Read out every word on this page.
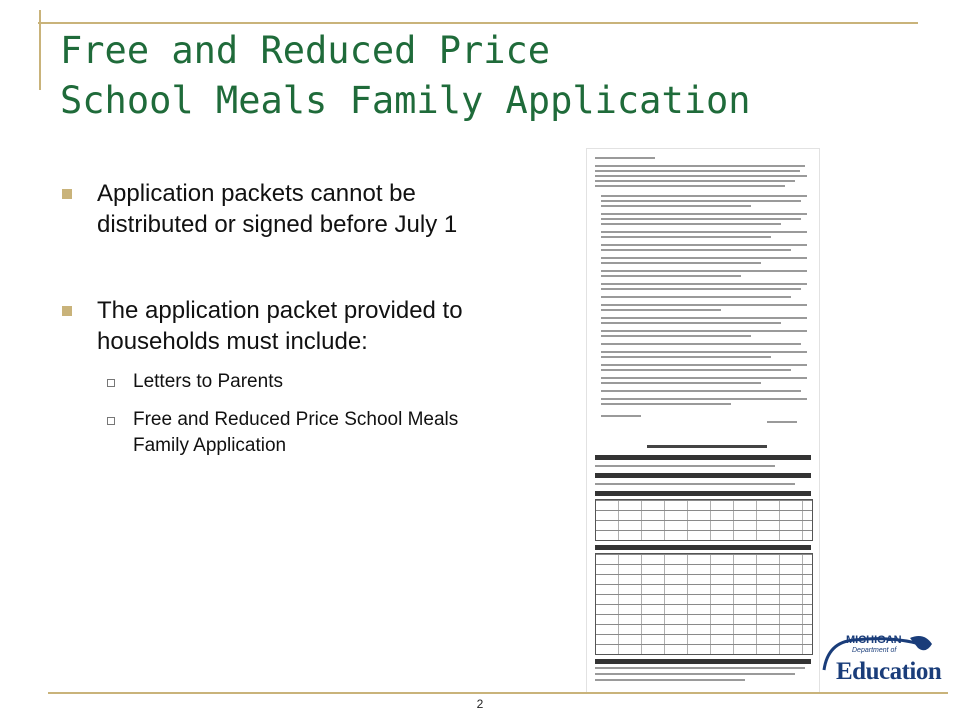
Free and Reduced Price
School Meals Family Application
Application packets cannot be distributed or signed before July 1
The application packet provided to households must include:
Letters to Parents
Free and Reduced Price School Meals Family Application
MICHIGAN
Department of
Education
2
